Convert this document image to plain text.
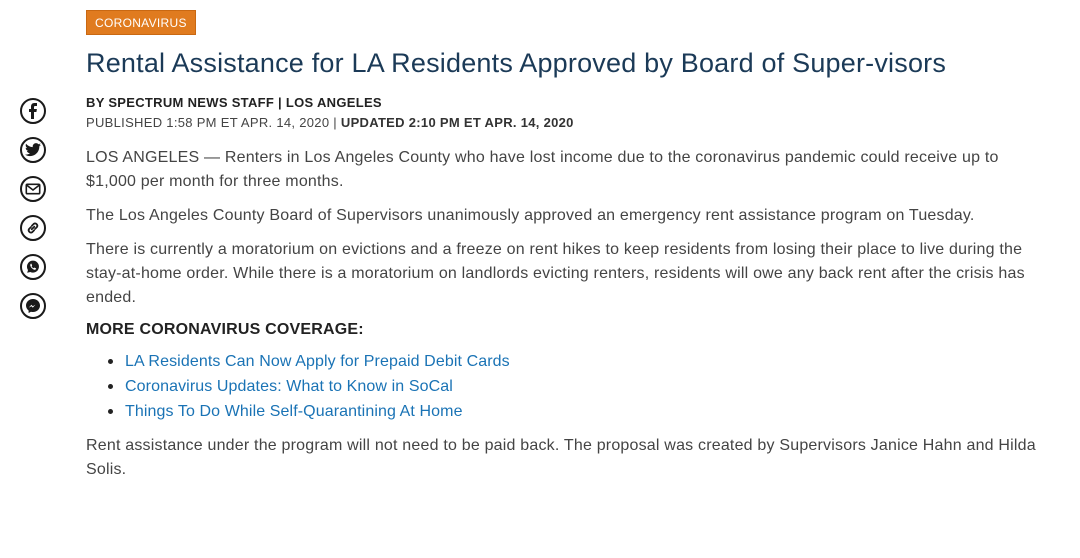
CORONAVIRUS
Rental Assistance for LA Residents Approved by Board of Super-visors
BY SPECTRUM NEWS STAFF | LOS ANGELES
PUBLISHED 1:58 PM ET APR. 14, 2020 | UPDATED 2:10 PM ET APR. 14, 2020

LOS ANGELES — Renters in Los Angeles County who have lost income due to the coronavirus pandemic could receive up to $1,000 per month for three months.

The Los Angeles County Board of Supervisors unanimously approved an emergency rent assistance program on Tuesday.

There is currently a moratorium on evictions and a freeze on rent hikes to keep residents from losing their place to live during the stay-at-home order. While there is a moratorium on landlords evicting renters, residents will owe any back rent after the crisis has ended.

MORE CORONAVIRUS COVERAGE:
LA Residents Can Now Apply for Prepaid Debit Cards
Coronavirus Updates: What to Know in SoCal
Things To Do While Self-Quarantining At Home

Rent assistance under the program will not need to be paid back. The proposal was created by Supervisors Janice Hahn and Hilda Solis.
